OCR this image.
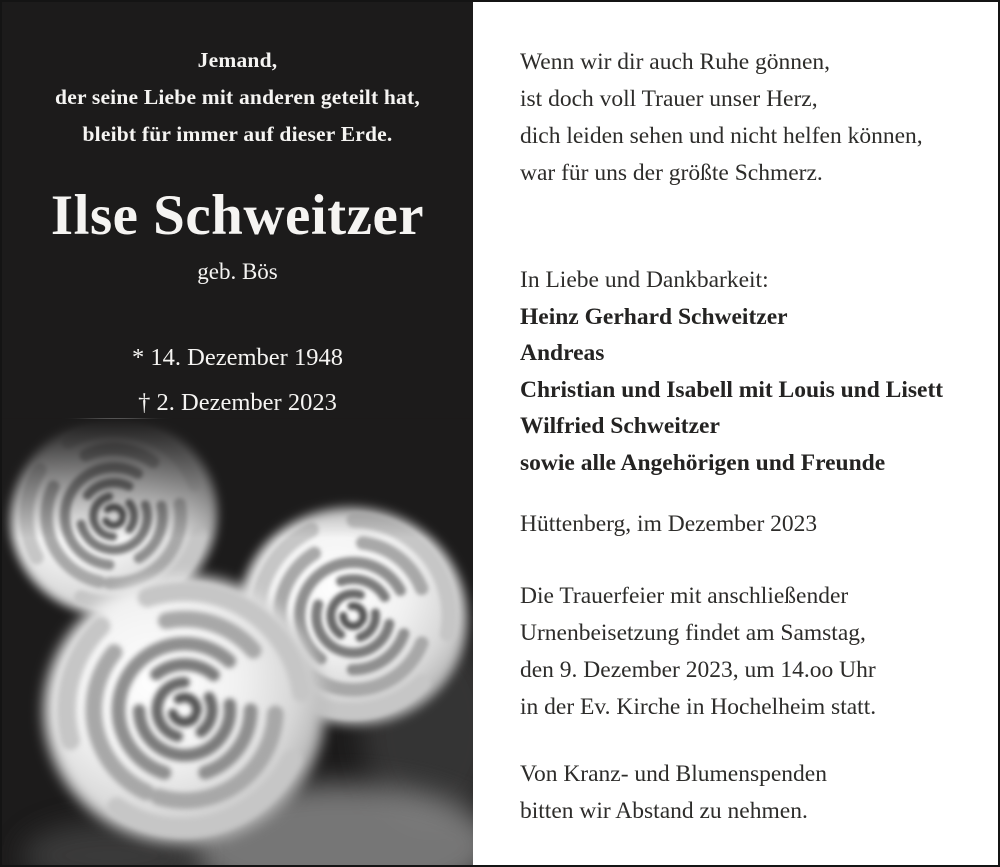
Jemand,
der seine Liebe mit anderen geteilt hat,
bleibt für immer auf dieser Erde.
Ilse Schweitzer
geb. Bös
* 14. Dezember 1948
† 2. Dezember 2023
Wenn wir dir auch Ruhe gönnen,
ist doch voll Trauer unser Herz,
dich leiden sehen und nicht helfen können,
war für uns der größte Schmerz.
In Liebe und Dankbarkeit:
Heinz Gerhard Schweitzer
Andreas
Christian und Isabell mit Louis und Lisett
Wilfried Schweitzer
sowie alle Angehörigen und Freunde
Hüttenberg, im Dezember 2023
Die Trauerfeier mit anschließender
Urnenbeisetzung findet am Samstag,
den 9. Dezember 2023, um 14.oo Uhr
in der Ev. Kirche in Hochelheim statt.
Von Kranz- und Blumenspenden
bitten wir Abstand zu nehmen.
